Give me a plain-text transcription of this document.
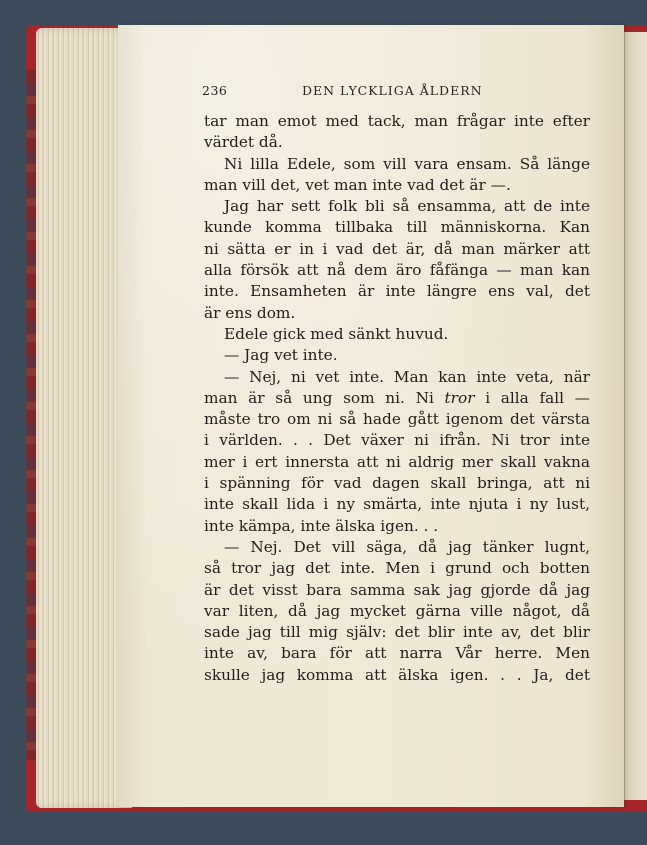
236	DEN LYCKLIGA ÅLDERN
tar man emot med tack, man frågar inte efter
värdet då.
Ni lilla Edele, som vill vara ensam. Så länge
man vill det, vet man inte vad det är —.
Jag har sett folk bli så ensamma, att de inte
kunde komma tillbaka till människorna. Kan
ni sätta er in i vad det är, då man märker att
alla försök att nå dem äro fåfänga — man kan
inte. Ensamheten är inte längre ens val, det
är ens dom.
Edele gick med sänkt huvud.
— Jag vet inte.
— Nej, ni vet inte. Man kan inte veta, när
man är så ung som ni. Ni tror i alla fall —
måste tro om ni så hade gått igenom det värsta
i världen. . . Det växer ni ifrån. Ni tror inte
mer i ert innersta att ni aldrig mer skall vakna
i spänning för vad dagen skall bringa, att ni
inte skall lida i ny smärta, inte njuta i ny lust,
inte kämpa, inte älska igen. . .
— Nej. Det vill säga, då jag tänker lugnt,
så tror jag det inte. Men i grund och botten
är det visst bara samma sak jag gjorde då jag
var liten, då jag mycket gärna ville något, då
sade jag till mig själv: det blir inte av, det blir
inte av, bara för att narra Vår herre. Men
skulle jag komma att älska igen. . . Ja, det
